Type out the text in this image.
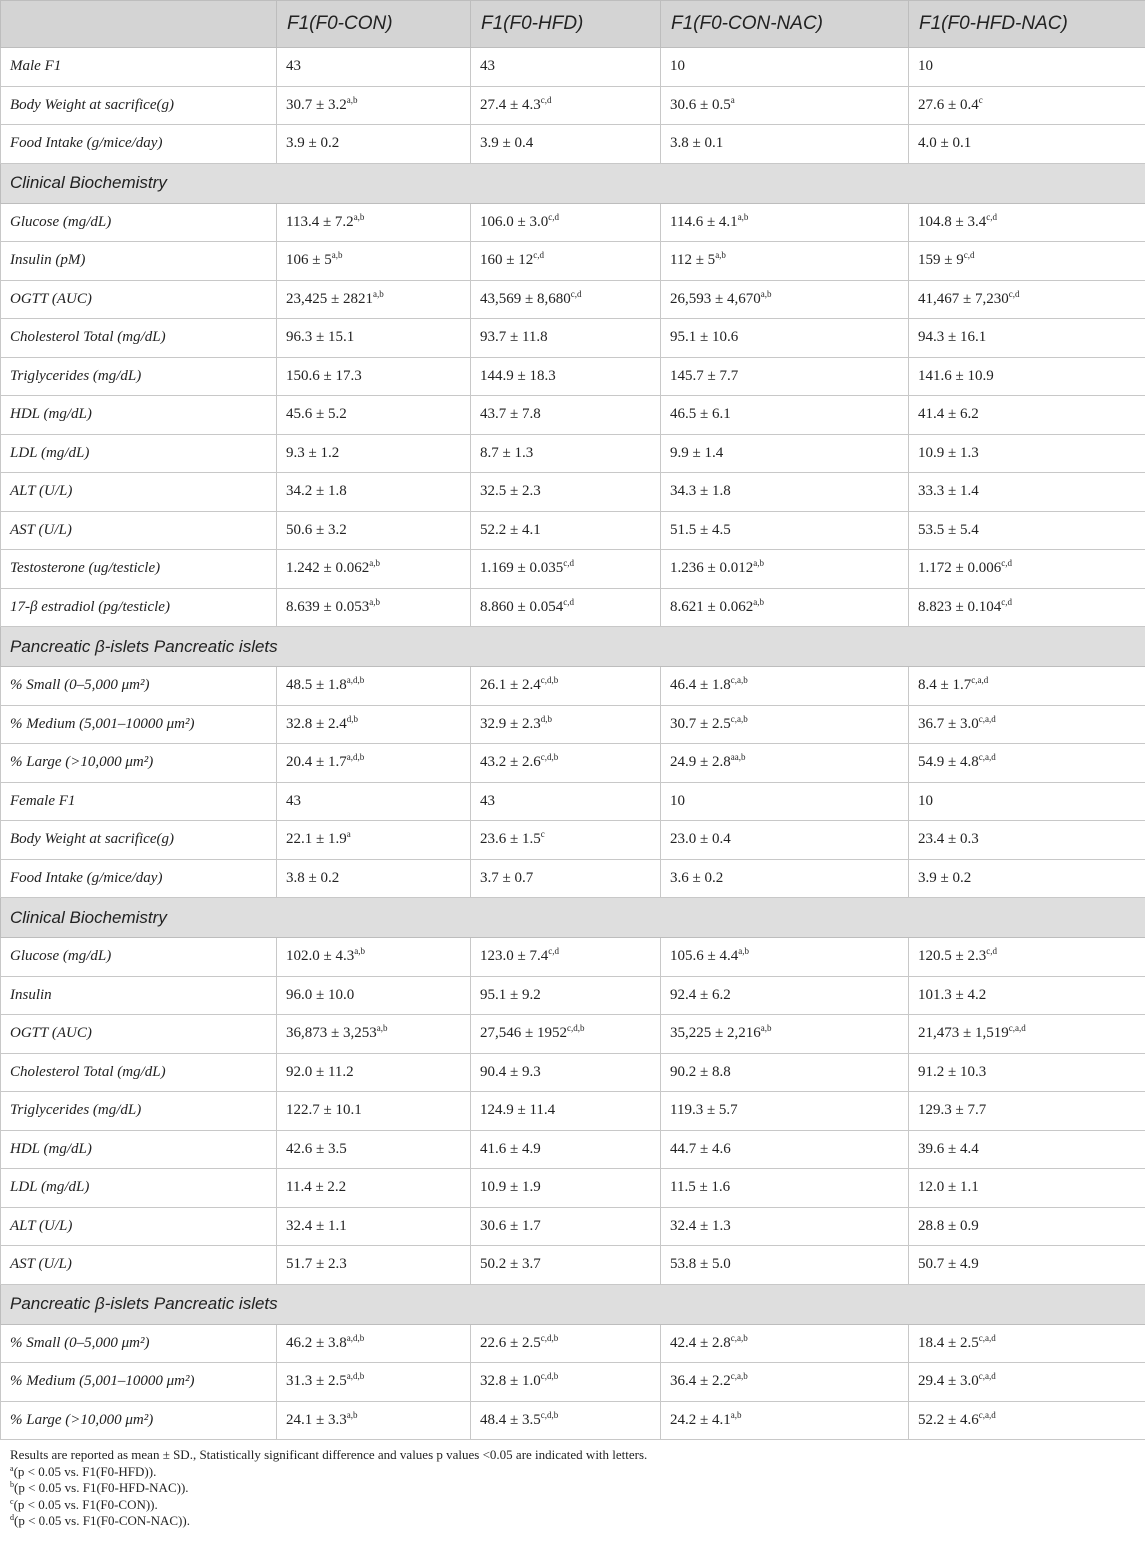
	F1(F0-CON)	F1(F0-HFD)	F1(F0-CON-NAC)	F1(F0-HFD-NAC)
Male F1	43	43	10	10
Body Weight at sacrifice(g)	$30.7 \pm 3.2^{a,b}$	$27.4 \pm 4.3^{c,d}$	30.6 ± 0.5$^a$	27.6 ± 0.4$^c$
Food Intake (g/mice/day)	3.9 ± 0.2	3.9 ± 0.4	3.8 ± 0.1	4.0 ± 0.1
Clinical Biochemistry				
Glucose (mg/dL)	$113.4 \pm 7.2^{a,b}$	$106.0 \pm 3.0^{c,d}$	$114.6 \pm 4.1^{a,b}$	$104.8 \pm 3.4^{c,d}$
Insulin (pM)	$106 \pm 5^{a,b}$	$160 \pm 12^{c,d}$	$112 \pm 5^{a,b}$	$159 \pm 9^{c,d}$
OGTT (AUC)	$23,425 \pm 2821^{a,b}$	$43,569 \pm 8,680^{c,d}$	$26,593 \pm 4,670^{a,b}$	$41,467 \pm 7,230^{c,d}$
Cholesterol Total (mg/dL)	96.3 ± 15.1	93.7 ± 11.8	95.1 ± 10.6	94.3 ± 16.1
Triglycerides (mg/dL)	150.6 ± 17.3	144.9 ± 18.3	145.7 ± 7.7	141.6 ± 10.9
HDL (mg/dL)	45.6 ± 5.2	43.7 ± 7.8	46.5 ± 6.1	41.4 ± 6.2
LDL (mg/dL)	9.3 ± 1.2	8.7 ± 1.3	9.9 ± 1.4	10.9 ± 1.3
ALT (U/L)	34.2 ± 1.8	32.5 ± 2.3	34.3 ± 1.8	33.3 ± 1.4
AST (U/L)	50.6 ± 3.2	52.2 ± 4.1	51.5 ± 4.5	53.5 ± 5.4
Testosterone (ug/testicle)	$1.242 \pm 0.062^{a,b}$	$1.169 \pm 0.035^{c,d}$	$1.236 \pm 0.012^{a,b}$	$1.172 \pm 0.006^{c,d}$
17-β estradiol (pg/testicle)	$8.639 \pm 0.053^{a,b}$	$8.860 \pm 0.054^{c,d}$	$8.621 \pm 0.062^{a,b}$	$8.823 \pm 0.104^{c,d}$
Pancreatic β-islets Pancreatic islets				
% Small (0–5,000 μm²)	$48.5 \pm 1.8^{a,d,b}$	$26.1 \pm 2.4^{c,d,b}$	$46.4 \pm 1.8^{c,a,b}$	$8.4 \pm 1.7^{c,a,d}$
% Medium (5,001–10000 μm²)	$32.8 \pm 2.4^{d,b}$	$32.9 \pm 2.3^{d,b}$	$30.7 \pm 2.5^{c,a,b}$	$36.7 \pm 3.0^{c,a,d}$
% Large (>10,000 μm²)	$20.4 \pm 1.7^{a,d,b}$	$43.2 \pm 2.6^{c,d,b}$	$24.9 \pm 2.8^{aa,b}$	$54.9 \pm 4.8^{c,a,d}$
Female F1	43	43	10	10
Body Weight at sacrifice(g)	22.1 ± 1.9$^a$	23.6 ± 1.5$^c$	23.0 ± 0.4	23.4 ± 0.3
Food Intake (g/mice/day)	3.8 ± 0.2	3.7 ± 0.7	3.6 ± 0.2	3.9 ± 0.2
Clinical Biochemistry				
Glucose (mg/dL)	$102.0 \pm 4.3^{a,b}$	$123.0 \pm 7.4^{c,d}$	$105.6 \pm 4.4^{a,b}$	$120.5 \pm 2.3^{c,d}$
Insulin	96.0 ± 10.0	95.1 ± 9.2	92.4 ± 6.2	101.3 ± 4.2
OGTT (AUC)	$36,873 \pm 3,253^{a,b}$	$27,546 \pm 1952^{c,d,b}$	$35,225 \pm 2,216^{a,b}$	$21,473 \pm 1,519^{c,a,d}$
Cholesterol Total (mg/dL)	92.0 ± 11.2	90.4 ± 9.3	90.2 ± 8.8	91.2 ± 10.3
Triglycerides (mg/dL)	122.7 ± 10.1	124.9 ± 11.4	119.3 ± 5.7	129.3 ± 7.7
HDL (mg/dL)	42.6 ± 3.5	41.6 ± 4.9	44.7 ± 4.6	39.6 ± 4.4
LDL (mg/dL)	11.4 ± 2.2	10.9 ± 1.9	11.5 ± 1.6	12.0 ± 1.1
ALT (U/L)	32.4 ± 1.1	30.6 ± 1.7	32.4 ± 1.3	28.8 ± 0.9
AST (U/L)	51.7 ± 2.3	50.2 ± 3.7	53.8 ± 5.0	50.7 ± 4.9
Pancreatic β-islets Pancreatic islets				
% Small (0–5,000 μm²)	$46.2 \pm 3.8^{a,d,b}$	$22.6 \pm 2.5^{c,d,b}$	$42.4 \pm 2.8^{c,a,b}$	$18.4 \pm 2.5^{c,a,d}$
% Medium (5,001–10000 μm²)	$31.3 \pm 2.5^{a,d,b}$	$32.8 \pm 1.0^{c,d,b}$	$36.4 \pm 2.2^{c,a,b}$	$29.4 \pm 3.0^{c,a,d}$
% Large (>10,000 μm²)	$24.1 \pm 3.3^{a,b}$	$48.4 \pm 3.5^{c,d,b}$	$24.2 \pm 4.1^{a,b}$	$52.2 \pm 4.6^{c,a,d}$
Results are reported as mean ± SD., Statistically significant difference and values p values <0.05 are indicated with letters.
$^a$(p < 0.05 vs. F1(F0-HFD)).
$^b$(p < 0.05 vs. F1(F0-HFD-NAC)).
$^c$(p < 0.05 vs. F1(F0-CON)).
$^d$(p < 0.05 vs. F1(F0-CON-NAC)).
